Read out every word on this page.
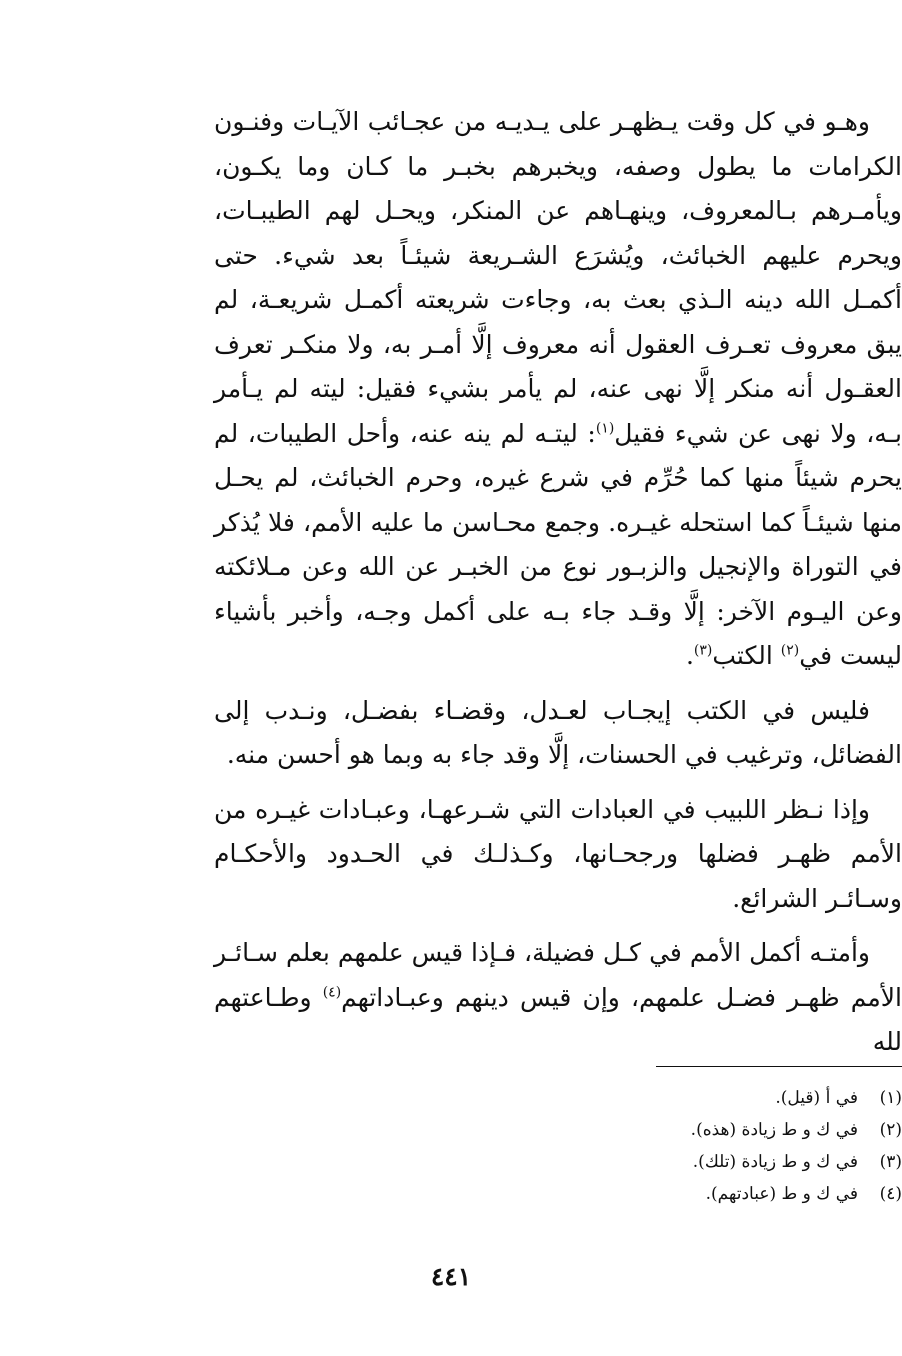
وهـو في كل وقت يـظهـر على يـديـه من عجـائب الآيـات وفنـون الكرامات ما يطول وصفه، ويخبرهم بخبـر ما كـان وما يكـون، ويأمـرهم بـالمعروف، وينهـاهم عن المنكر، ويحـل لهم الطيبـات، ويحرم عليهم الخبائث، ويُشرَع الشـريعة شيئـاً بعد شيء. حتى أكمـل الله دينه الـذي بعث به، وجاءت شريعته أكمـل شريعـة، لم يبق معروف تعـرف العقول أنه معروف إلَّا أمـر به، ولا منكـر تعرف العقـول أنه منكر إلَّا نهى عنه، لم يأمر بشيء فقيل: ليته لم يـأمر بـه، ولا نهى عن شيء فقيل$^{(١)}$: ليتـه لم ينه عنه، وأحل الطيبات، لم يحرم شيئاً منها كما حُرِّم في شرع غيره، وحرم الخبائث، لم يحـل منها شيئـاً كما استحله غيـره. وجمع محـاسن ما عليه الأمم، فلا يُذكر في التوراة والإنجيل والزبـور نوع من الخبـر عن الله وعن مـلائكته وعن اليـوم الآخر: إلَّا وقـد جاء بـه على أكمل وجـه، وأخبر بأشياء ليست في$^{(٢)}$ الكتب$^{(٣)}$.

فليس في الكتب إيجـاب لعـدل، وقضـاء بفضـل، ونـدب إلى الفضائل، وترغيب في الحسنات، إلَّا وقد جاء به وبما هو أحسن منه.

وإذا نـظر اللبيب في العبادات التي شـرعهـا، وعبـادات غيـره من الأمم ظهـر فضلها ورجحـانها، وكـذلـك في الحـدود والأحكـام وسـائـر الشرائع.

وأمتـه أكمل الأمم في كـل فضيلة، فـإذا قيس علمهم بعلم سـائـر الأمم ظهـر فضـل علمهم، وإن قيس دينهم وعبـاداتهم$^{(٤)}$ وطـاعتهم لله

(١)في أ (قيل).
(٢)في ك و ط زيادة (هذه).
(٣)في ك و ط زيادة (تلك).
(٤)في ك و ط (عبادتهم).
٤٤١
